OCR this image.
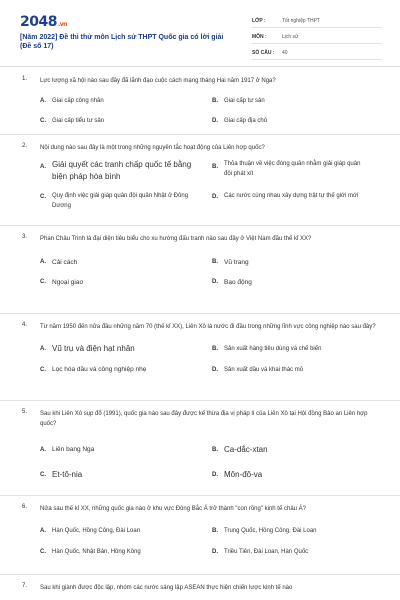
2048.vn
[Năm 2022] Đề thi thử môn Lịch sử THPT Quốc gia có lời giải (Đề số 17)
LỚP :	Tốt nghiệp THPT
MÔN :	Lịch sử
SỐ CÂU :	40
1. Lực lượng xã hội nào sau đây đã lãnh đạo cuộc cách mạng tháng Hai năm 1917 ở Nga?
A.	Giai cấp công nhân	B.	Giai cấp tư sản
C.	Giai cấp tiểu tư sản	D.	Giai cấp địa chủ
2. Nội dung nào sau đây là một trong những nguyên tắc hoạt động của Liên hợp quốc?
A. Giải quyết các tranh chấp quốc tế bằng biện pháp hòa bình
B.	Thỏa thuận về việc đóng quân nhằm giải giáp quân đội phát xít
C.	Quy định việc giải giáp quân đội quân Nhật ở Đông Dương
D.	Các nước cùng nhau xây dựng trật tự thế giới mới
3. Phan Châu Trinh là đại diện tiêu biểu cho xu hướng đấu tranh nào sau đây ở Việt Nam đầu thế kỉ XX?
A. Cải cách	B. Vũ trang
C. Ngoại giao	D. Bạo động
4. Từ năm 1950 đến nửa đầu những năm 70 (thế kỉ XX), Liên Xô là nước đi đầu trong những lĩnh vực công nghiệp nào sau đây?
A. Vũ trụ và điện hạt nhân	B.	Sản xuất hàng tiêu dùng và chế biến
C. Lọc hóa dầu và công nghiệp nhẹ	D.	Sản xuất dầu và khai thác mỏ
5. Sau khi Liên Xô sụp đổ (1991), quốc gia nào sau đây được kế thừa địa vị pháp lí của Liên Xô tại Hội đồng Bảo an Liên hợp quốc?
A. Liên bang Nga	B. Ca-dắc-xtan
C. Et-tô-nia	D. Môn-đô-va
6. Nửa sau thế kỉ XX, những quốc gia nào ở khu vực Đông Bắc Á trở thành "con rồng" kinh tế châu Á?
A.	Hàn Quốc, Hồng Công, Đài Loan	B.	Trung Quốc, Hồng Công, Đài Loan
C.	Hàn Quốc, Nhật Bản, Hồng Kông	D.	Triều Tiên, Đài Loan, Hàn Quốc
7. Sau khi giành được độc lập, nhóm các nước sáng lập ASEAN thực hiện chiến lược kinh tế nào
